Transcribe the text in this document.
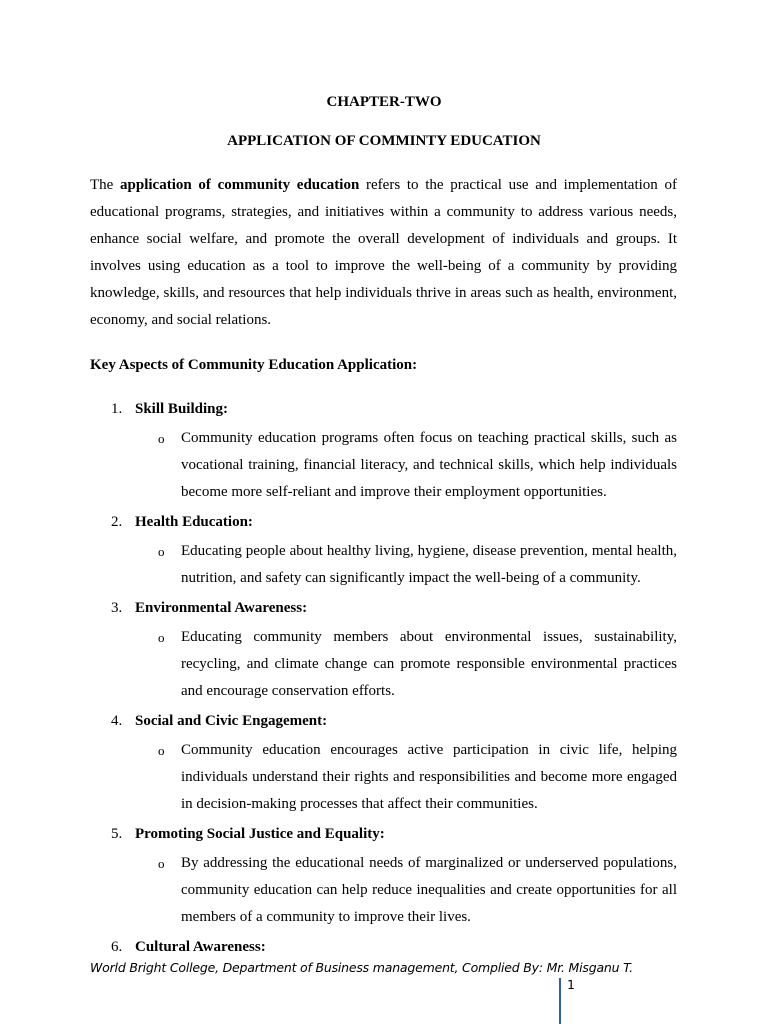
CHAPTER-TWO
APPLICATION OF COMMINTY EDUCATION

The application of community education refers to the practical use and implementation of educational programs, strategies, and initiatives within a community to address various needs, enhance social welfare, and promote the overall development of individuals and groups. It involves using education as a tool to improve the well-being of a community by providing knowledge, skills, and resources that help individuals thrive in areas such as health, environment, economy, and social relations.

Key Aspects of Community Education Application:

1. Skill Building:
o Community education programs often focus on teaching practical skills, such as vocational training, financial literacy, and technical skills, which help individuals become more self-reliant and improve their employment opportunities.
2. Health Education:
o Educating people about healthy living, hygiene, disease prevention, mental health, nutrition, and safety can significantly impact the well-being of a community.
3. Environmental Awareness:
o Educating community members about environmental issues, sustainability, recycling, and climate change can promote responsible environmental practices and encourage conservation efforts.
4. Social and Civic Engagement:
o Community education encourages active participation in civic life, helping individuals understand their rights and responsibilities and become more engaged in decision-making processes that affect their communities.
5. Promoting Social Justice and Equality:
o By addressing the educational needs of marginalized or underserved populations, community education can help reduce inequalities and create opportunities for all members of a community to improve their lives.
6. Cultural Awareness:
World Bright College, Department of Business management, Complied By: Mr. Misganu T.
1
